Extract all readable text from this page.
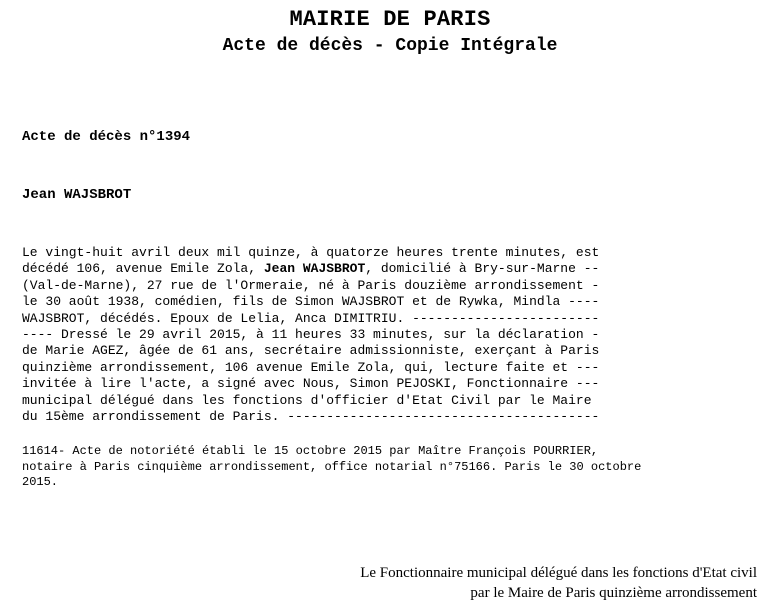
MAIRIE DE PARIS
Acte de décès - Copie Intégrale
Acte de décès n°1394
Jean WAJSBROT
Le vingt-huit avril deux mil quinze, à quatorze heures trente minutes, est
décédé 106, avenue Emile Zola, Jean WAJSBROT, domicilié à Bry-sur-Marne --
(Val-de-Marne), 27 rue de l'Ormeraie, né à Paris douzième arrondissement -
le 30 août 1938, comédien, fils de Simon WAJSBROT et de Rywka, Mindla ----
WAJSBROT, décédés. Epoux de Lelia, Anca DIMITRIU. ------------------------
---- Dressé le 29 avril 2015, à 11 heures 33 minutes, sur la déclaration -
de Marie AGEZ, âgée de 61 ans, secrétaire admissionniste, exerçant à Paris
quinzième arrondissement, 106 avenue Emile Zola, qui, lecture faite et ---
invitée à lire l'acte, a signé avec Nous, Simon PEJOSKI, Fonctionnaire ---
municipal délégué dans les fonctions d'officier d'Etat Civil par le Maire
du 15ème arrondissement de Paris. ----------------------------------------
11614- Acte de notoriété établi le 15 octobre 2015 par Maître François POURRIER,
notaire à Paris cinquième arrondissement, office notarial n°75166. Paris le 30 octobre
2015.
Le Fonctionnaire municipal délégué dans les fonctions d'Etat civil
par le Maire de Paris quinzième arrondissement
